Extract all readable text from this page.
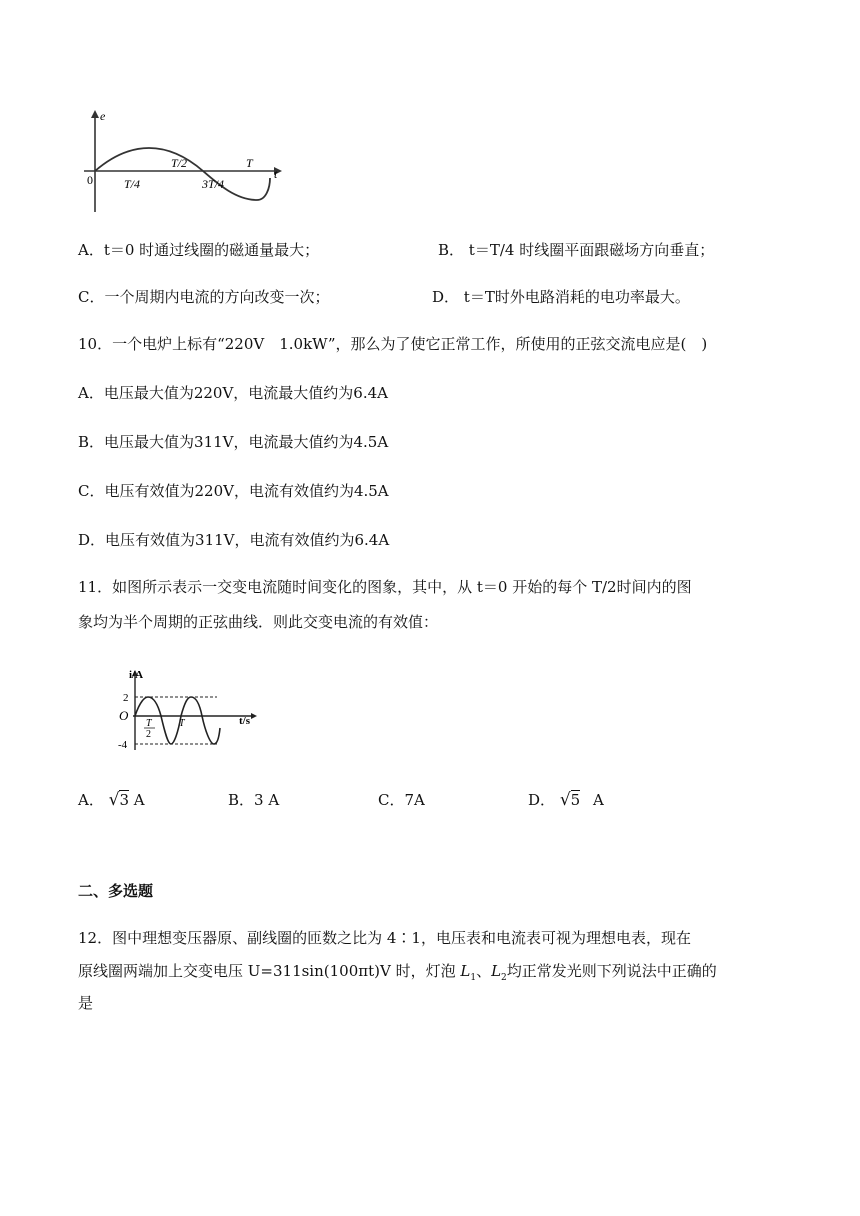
e
t
0	T/4
T/2
3T/4
T
A．t＝0 时通过线圈的磁通量最大；	B． t＝T/4 时线圈平面跟磁场方向垂直；
C．一个周期内电流的方向改变一次；	D． t＝T时外电路消耗的电功率最大。
10．一个电炉上标有“220V　1.0kW”，那么为了使它正常工作，所使用的正弦交流电应是(　)
A．电压最大值为220V，电流最大值约为6.4A
B．电压最大值为311V，电流最大值约为4.5A
C．电压有效值为220V，电流有效值约为4.5A
D．电压有效值为311V，电流有效值约为6.4A
11．如图所示表示一交变电流随时间变化的图象，其中，从 t＝0 开始的每个 T/2时间内的图
象均为半个周期的正弦曲线．则此交变电流的有效值：
i/A
t/s
O
2
-4
T
2
T
A． √3 A	B．3 A	C．7A	D． √5 A
二、多选题
12．图中理想变压器原、副线圈的匝数之比为 4∶1，电压表和电流表可视为理想电表，现在
原线圈两端加上交变电压 U=311sin(100πt)V 时，灯泡 $L_1$、$L_2$均正常发光则下列说法中正确的
是
